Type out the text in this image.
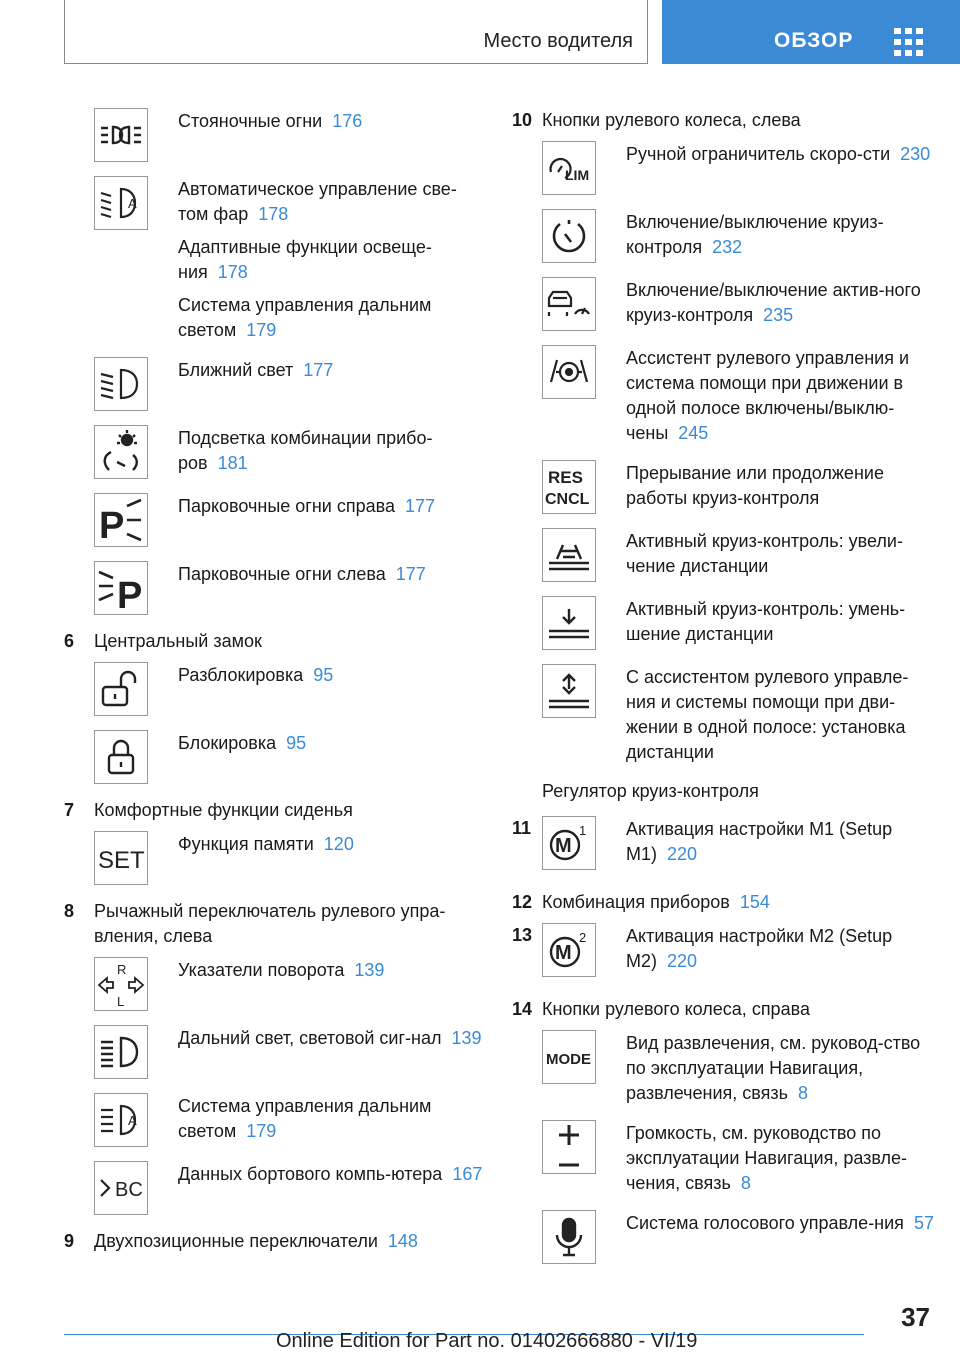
Место водителя	ОБЗОР
Стояночные огни 176
A
Автоматическое управление све-том фар 178
Адаптивные функции освеще-ния 178
Система управления дальним светом 179
Ближний свет 177
Подсветка комбинации прибо-ров 181
P	Парковочные огни справа 177
P
Парковочные огни слева 177
6	Центральный замок
Разблокировка 95
Блокировка 95
7	Комфортные функции сиденья
SET
Функция памяти 120
8	Рычажный переключатель рулевого упра-вления, слева
R
L
Указатели поворота 139
Дальний свет, световой сиг-нал 139
A
Система управления дальним светом 179
BC
Данных бортового компь-ютера 167
9	Двухпозиционные переключатели 148
10 Кнопки рулевого колеса, слева
LIM
Ручной ограничитель скоро-сти 230
Включение/выключение круиз-контроля 232
Включение/выключение актив-ного круиз-контроля 235
Ассистент рулевого управления и система помощи при движении в одной полосе включены/выклю-чены 245
RES
CNCL
Прерывание или продолжение работы круиз-контроля
Активный круиз-контроль: увели-чение дистанции
Активный круиз-контроль: умень-шение дистанции
С ассистентом рулевого управле-ния и системы помощи при дви-жении в одной полосе: установка дистанции
Регулятор круиз-контроля
11
M
1 Активация настройки M1 (Setup M1) 220
12 Комбинация приборов 154
13
M
2 Активация настройки M2 (Setup M2) 220
14 Кнопки рулевого колеса, справа
MODE
Вид развлечения, см. руковод-ство по эксплуатации Навигация, развлечения, связь 8
Громкость, см. руководство по эксплуатации Навигация, развле-чения, связь 8
Система голосового управле-ния 57
37
Online Edition for Part no. 01402666880 - VI/19
